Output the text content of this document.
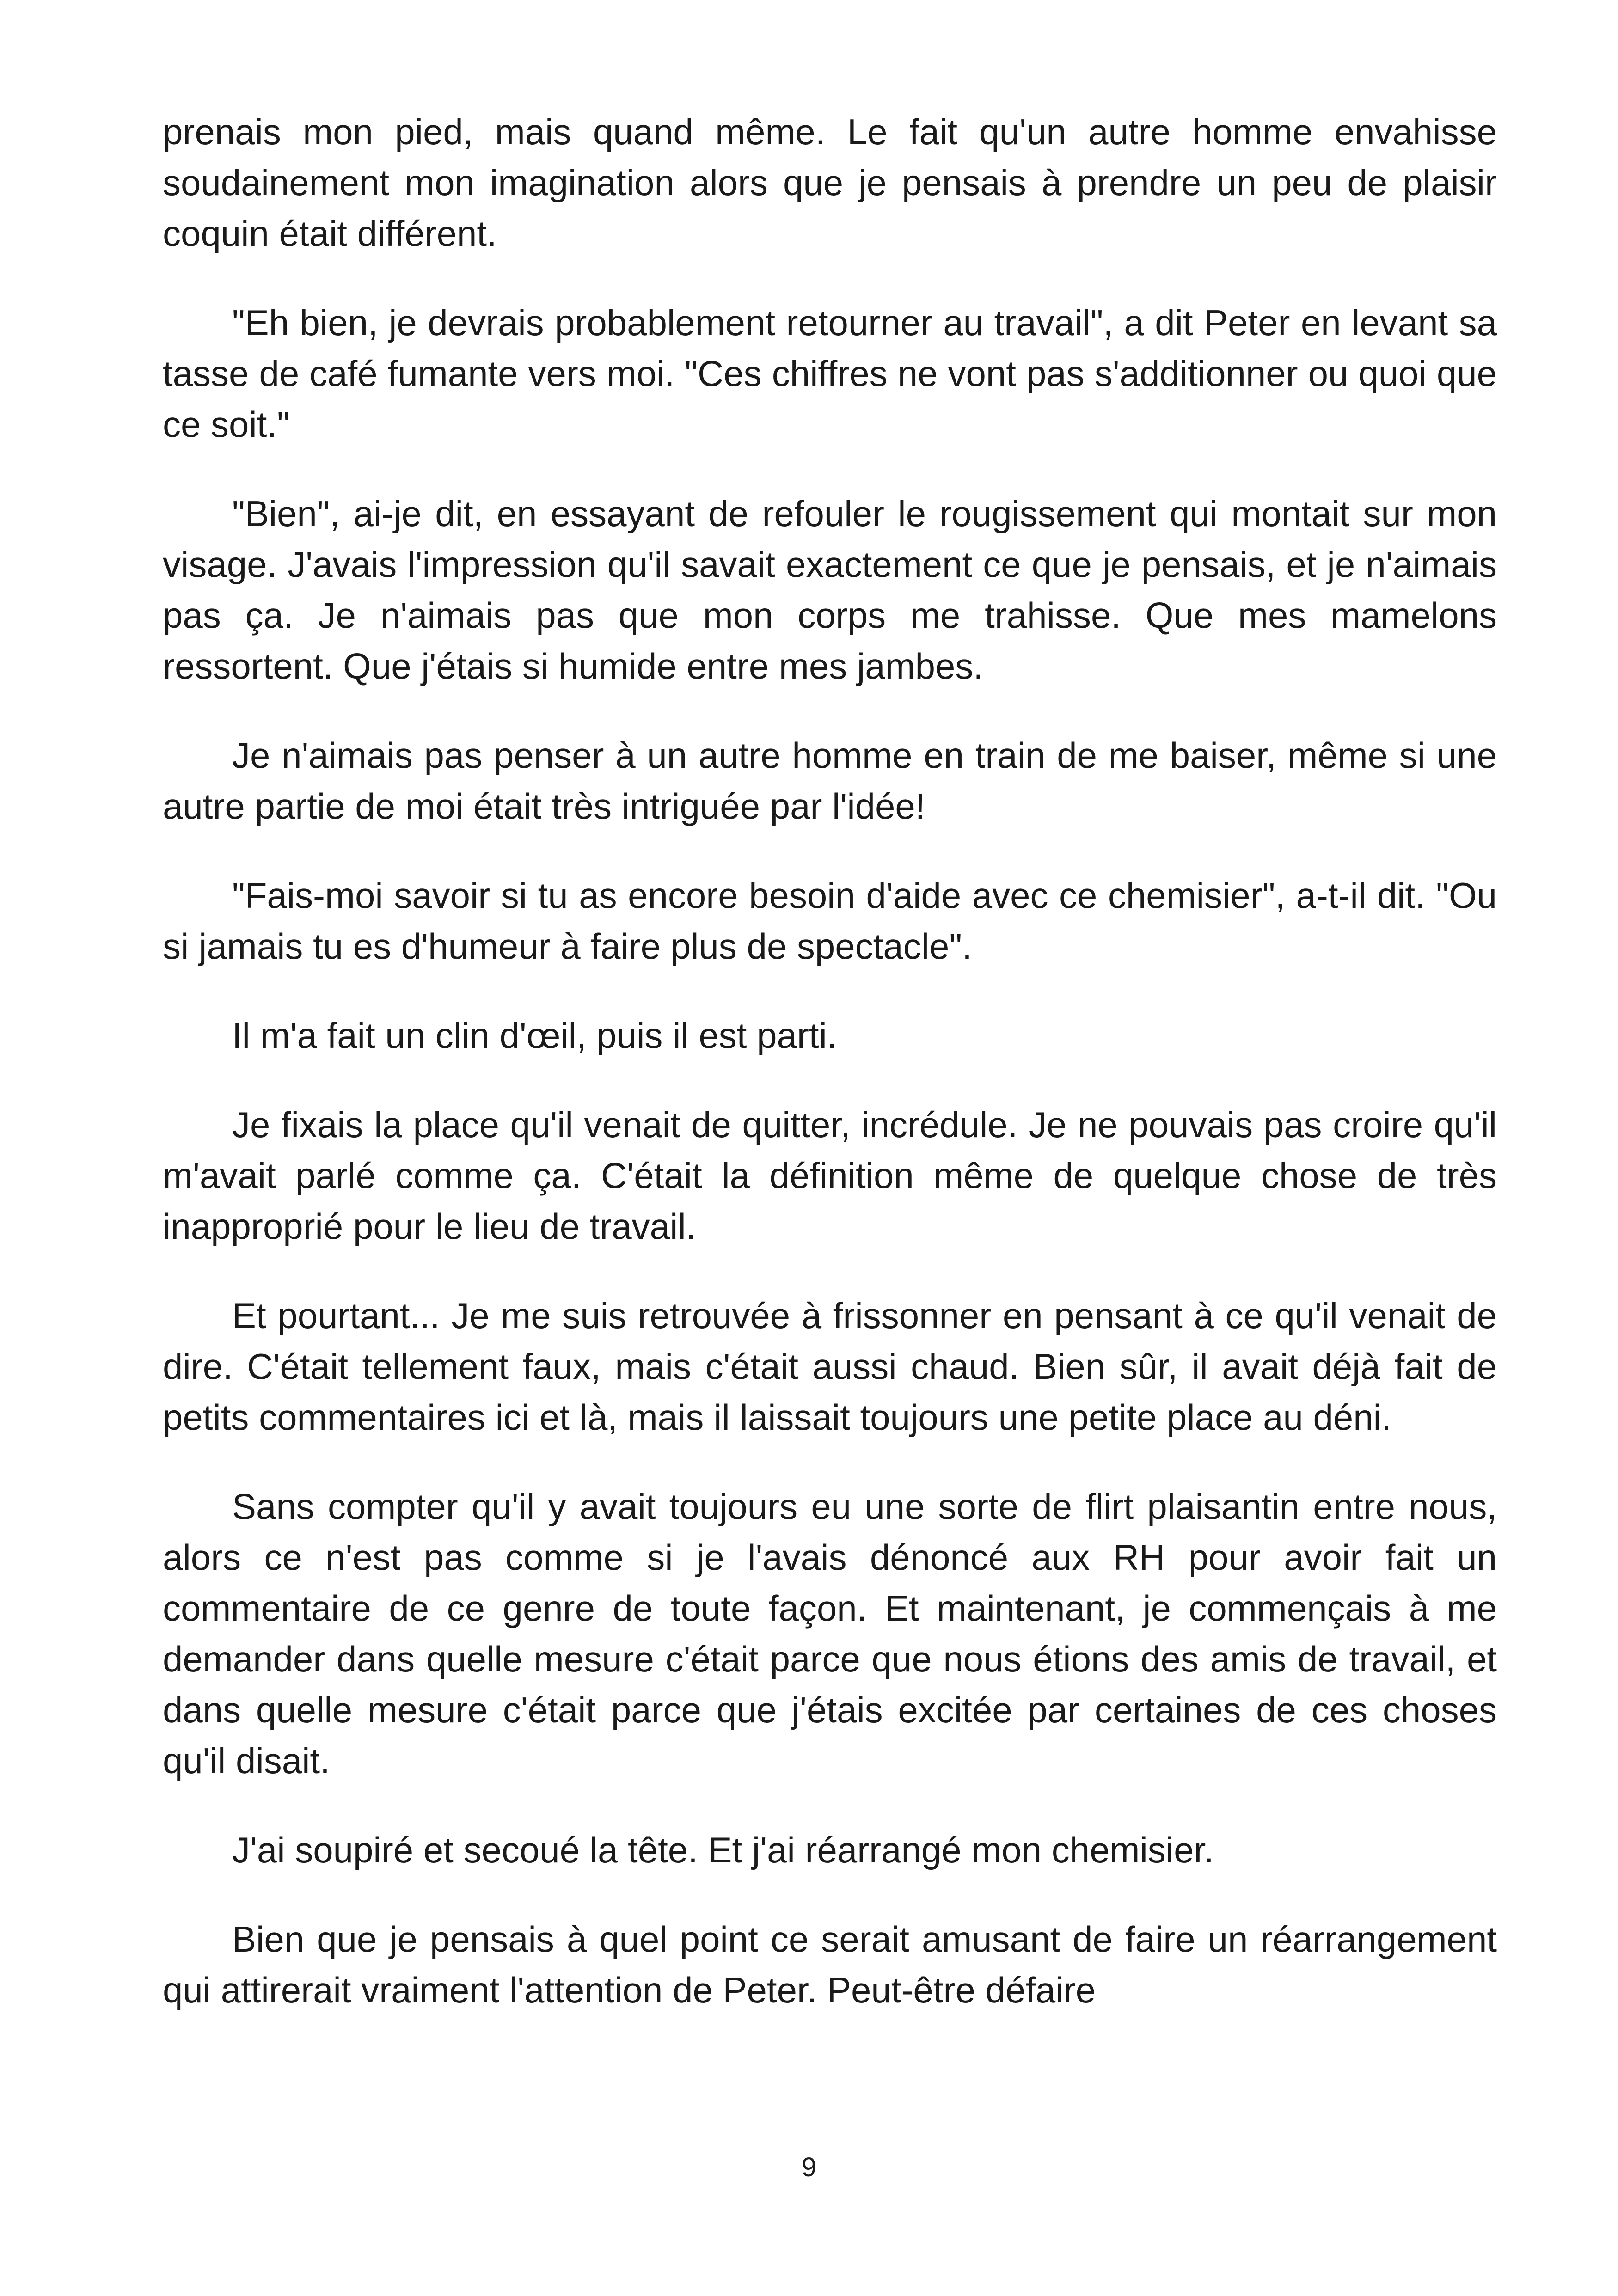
prenais mon pied, mais quand même. Le fait qu'un autre homme envahisse soudainement mon imagination alors que je pensais à prendre un peu de plaisir coquin était différent.

"Eh bien, je devrais probablement retourner au travail", a dit Peter en levant sa tasse de café fumante vers moi. "Ces chiffres ne vont pas s'additionner ou quoi que ce soit."

"Bien", ai-je dit, en essayant de refouler le rougissement qui montait sur mon visage. J'avais l'impression qu'il savait exactement ce que je pensais, et je n'aimais pas ça. Je n'aimais pas que mon corps me trahisse. Que mes mamelons ressortent. Que j'étais si humide entre mes jambes.

Je n'aimais pas penser à un autre homme en train de me baiser, même si une autre partie de moi était très intriguée par l'idée!

"Fais-moi savoir si tu as encore besoin d'aide avec ce chemisier", a-t-il dit. "Ou si jamais tu es d'humeur à faire plus de spectacle".

Il m'a fait un clin d'œil, puis il est parti.

Je fixais la place qu'il venait de quitter, incrédule. Je ne pouvais pas croire qu'il m'avait parlé comme ça. C'était la définition même de quelque chose de très inapproprié pour le lieu de travail.

Et pourtant... Je me suis retrouvée à frissonner en pensant à ce qu'il venait de dire. C'était tellement faux, mais c'était aussi chaud. Bien sûr, il avait déjà fait de petits commentaires ici et là, mais il laissait toujours une petite place au déni.

Sans compter qu'il y avait toujours eu une sorte de flirt plaisantin entre nous, alors ce n'est pas comme si je l'avais dénoncé aux RH pour avoir fait un commentaire de ce genre de toute façon. Et maintenant, je commençais à me demander dans quelle mesure c'était parce que nous étions des amis de travail, et dans quelle mesure c'était parce que j'étais excitée par certaines de ces choses qu'il disait.

J'ai soupiré et secoué la tête. Et j'ai réarrangé mon chemisier.

Bien que je pensais à quel point ce serait amusant de faire un réarrangement qui attirerait vraiment l'attention de Peter. Peut-être défaire

9
